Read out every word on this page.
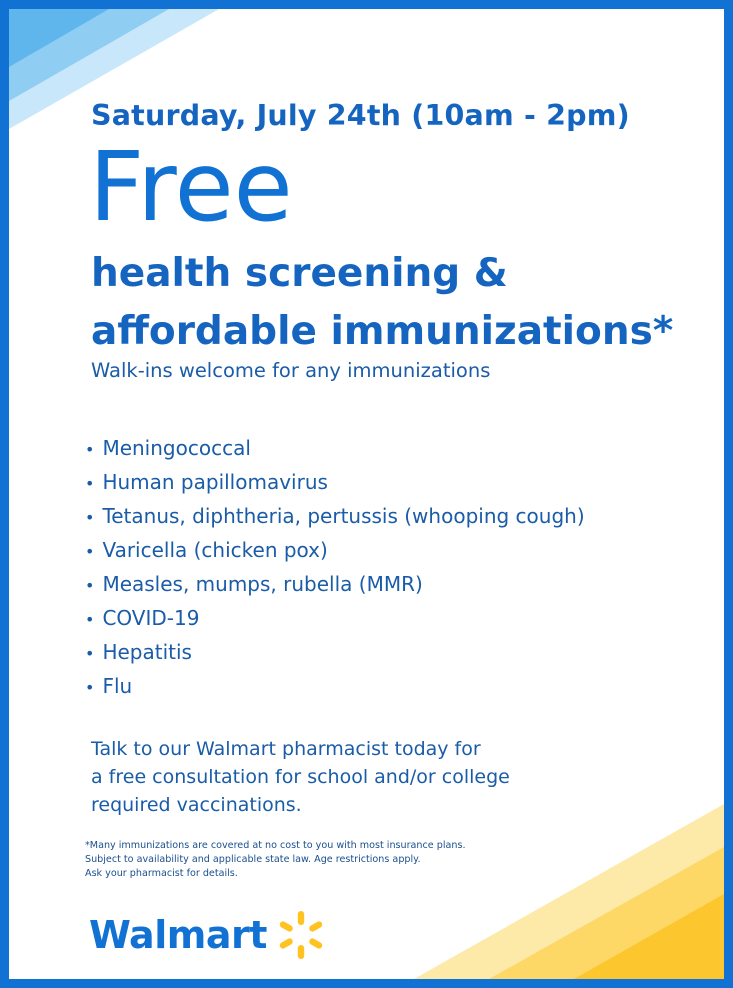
Saturday, July 24th (10am - 2pm)
Free
health screening &
affordable immunizations*

Walk-ins welcome for any immunizations

• Meningococcal
• Human papillomavirus
• Tetanus, diphtheria, pertussis (whooping cough)
• Varicella (chicken pox)
• Measles, mumps, rubella (MMR)
• COVID-19
• Hepatitis
• Flu

Talk to our Walmart pharmacist today for
a free consultation for school and/or college
required vaccinations.

*Many immunizations are covered at no cost to you with most insurance plans.
Subject to availability and applicable state law. Age restrictions apply.
Ask your pharmacist for details.

Walmart
